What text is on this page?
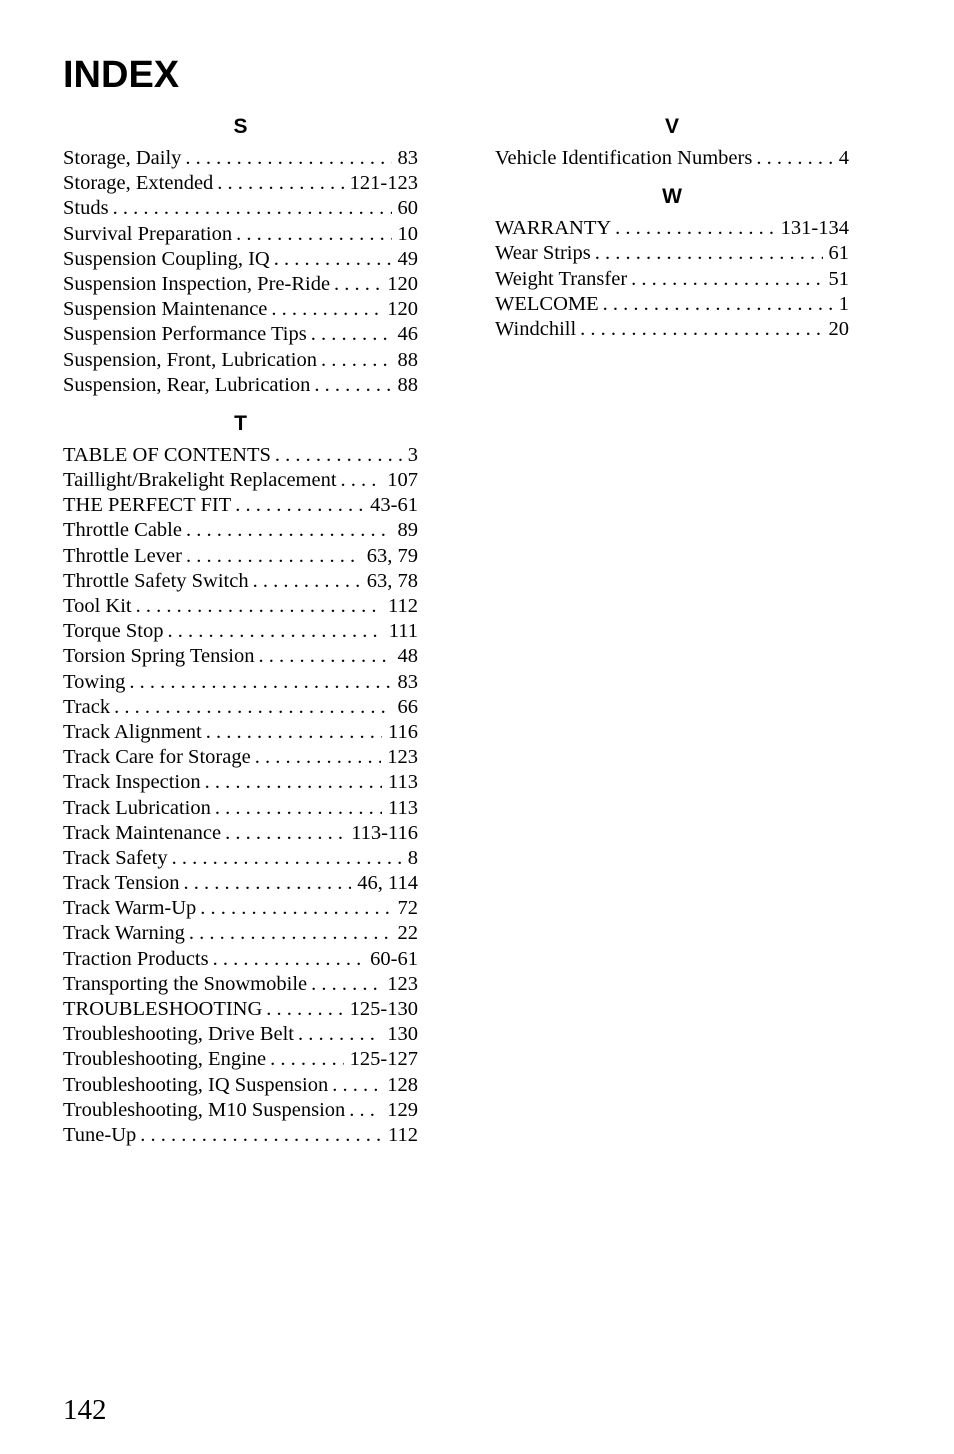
INDEX
S
Storage, Daily . . .	83
Storage, Extended . . .	121-123
Studs . . .	60
Survival Preparation . . .	10
Suspension Coupling, IQ . . .	49
Suspension Inspection, Pre-Ride . . .	120
Suspension Maintenance . . .	120
Suspension Performance Tips . . .	46
Suspension, Front, Lubrication . . .	88
Suspension, Rear, Lubrication . . .	88
T
TABLE OF CONTENTS . . .	3
Taillight/Brakelight Replacement . . . 107
THE PERFECT FIT . . .	43-61
Throttle Cable . . .	89
Throttle Lever . . .	63, 79
Throttle Safety Switch . . .	63, 78
Tool Kit . . .	112
Torque Stop . . .	111
Torsion Spring Tension . . .	48
Towing . . .	83
Track . . .	66
Track Alignment . . .	116
Track Care for Storage . . .	123
Track Inspection . . .	113
Track Lubrication . . .	113
Track Maintenance . . .	113-116
Track Safety . . .	8
Track Tension . . .	46, 114
Track Warm-Up . . .	72
Track Warning . . .	22
Traction Products . . .	60-61
Transporting the Snowmobile . . .	123
TROUBLESHOOTING . . .	125-130
Troubleshooting, Drive Belt . . .	130
Troubleshooting, Engine . . .	125-127
Troubleshooting, IQ Suspension . . .	128
Troubleshooting, M10 Suspension . . . 129
Tune-Up . . .	112
V
Vehicle Identification Numbers . . .	4
W
WARRANTY . . .	131-134
Wear Strips . . .	61
Weight Transfer . . .	51
WELCOME . . .	1
Windchill . . .	20
142
